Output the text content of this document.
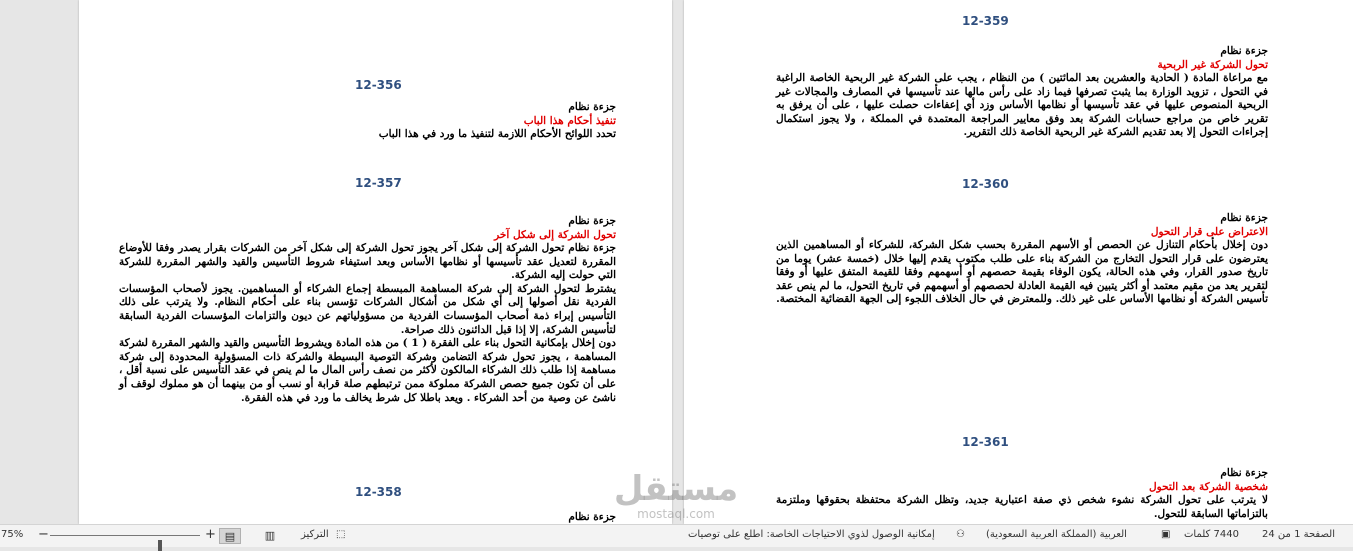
12-356
جزءة نظام
تنفيذ أحكام هذا الباب

تحدد اللوائح الأحكام اللازمة لتنفيذ ما ورد في هذا الباب

12-357
جزءة نظام
تحول الشركة إلى شكل آخر

جزءة نظام تحول الشركة إلى شكل آخر يجوز تحول الشركة إلى شكل آخر من الشركات بقرار يصدر وفقا للأوضاع المقررة لتعديل عقد تأسيسها أو نظامها الأساس وبعد استيفاء شروط التأسيس والقيد والشهر المقررة للشركة التي حولت إليه الشركة.

يشترط لتحول الشركة إلى شركة المساهمة المبسطة إجماع الشركاء أو المساهمين. يجوز لأصحاب المؤسسات الفردية نقل أصولها إلى أي شكل من أشكال الشركات تؤسس بناء على أحكام النظام. ولا يترتب على ذلك التأسيس إبراء ذمة أصحاب المؤسسات الفردية من مسؤولياتهم عن ديون والتزامات المؤسسات الفردية السابقة لتأسيس الشركة، إلا إذا قبل الدائنون ذلك صراحة.

دون إخلال بإمكانية التحول بناء على الفقرة ( 1 ) من هذه المادة ويشروط التأسيس والقيد والشهر المقررة لشركة المساهمة ، يجوز تحول شركة التضامن وشركة التوصية البسيطة والشركة ذات المسؤولية المحدودة إلى شركة مساهمة إذا طلب ذلك الشركاء المالكون لأكثر من نصف رأس المال ما لم ينص في عقد التأسيس على نسبة أقل ، على أن تكون جميع حصص الشركة مملوكة ممن ترتبطهم صلة قرابة أو نسب أو من بينهما أن هو مملوك لوقف أو ناشئ عن وصية من أحد الشركاء . ويعد باطلا كل شرط يخالف ما ورد في هذه الفقرة.

12-358
جزءة نظام
12-359
جزءة نظام
تحول الشركة غير الربحية

مع مراعاة المادة ( الحادية والعشرين بعد المائتين ) من النظام ، يجب على الشركة غير الربحية الخاصة الراغبة في التحول ، تزويد الوزارة بما يثبت تصرفها فيما زاد على رأس مالها عند تأسيسها في المصارف والمجالات غير الربحية المنصوص عليها في عقد تأسيسها أو نظامها الأساس وزد أي إعفاءات حصلت عليها ، على أن يرفق به تقرير خاص من مراجع حسابات الشركة بعد وفق معايير المراجعة المعتمدة في المملكة ، ولا يجوز استكمال إجراءات التحول إلا بعد تقديم الشركة غير الربحية الخاصة ذلك التقرير.

12-360
جزءة نظام
الاعتراض على قرار التحول

دون إخلال بأحكام التنازل عن الحصص أو الأسهم المقررة بحسب شكل الشركة، للشركاء أو المساهمين الذين يعترضون على قرار التحول التخارج من الشركة بناء على طلب مكتوب يقدم إليها خلال (خمسة عشر) يوما من تاريخ صدور القرار، وفي هذه الحالة، يكون الوفاء بقيمة حصصهم أو أسهمهم وفقا للقيمة المتفق عليها أو وفقا لتقرير يعد من مقيم معتمد أو أكثر يتبين فيه القيمة العادلة لحصصهم أو أسهمهم في تاريخ التحول، ما لم ينص عقد تأسيس الشركة أو نظامها الأساس على غير ذلك. وللمعترض في حال الخلاف اللجوء إلى الجهة القضائية المختصة.

12-361
جزءة نظام
شخصية الشركة بعد التحول

لا يترتب على تحول الشركة نشوء شخص ذي صفة اعتبارية جديد، وتظل الشركة محتفظة بحقوقها وملتزمة بالتزاماتها السابقة للتحول.

مستقل
mostaql.com
75% −	+ ▤	▥	التركيز ⬚	إمكانية الوصول لذوي الاحتياجات الخاصة: اطلع على توصيات ⚇ العربية (المملكة العربية السعودية)	▣ 7440 كلمات الصفحة 1 من 24
